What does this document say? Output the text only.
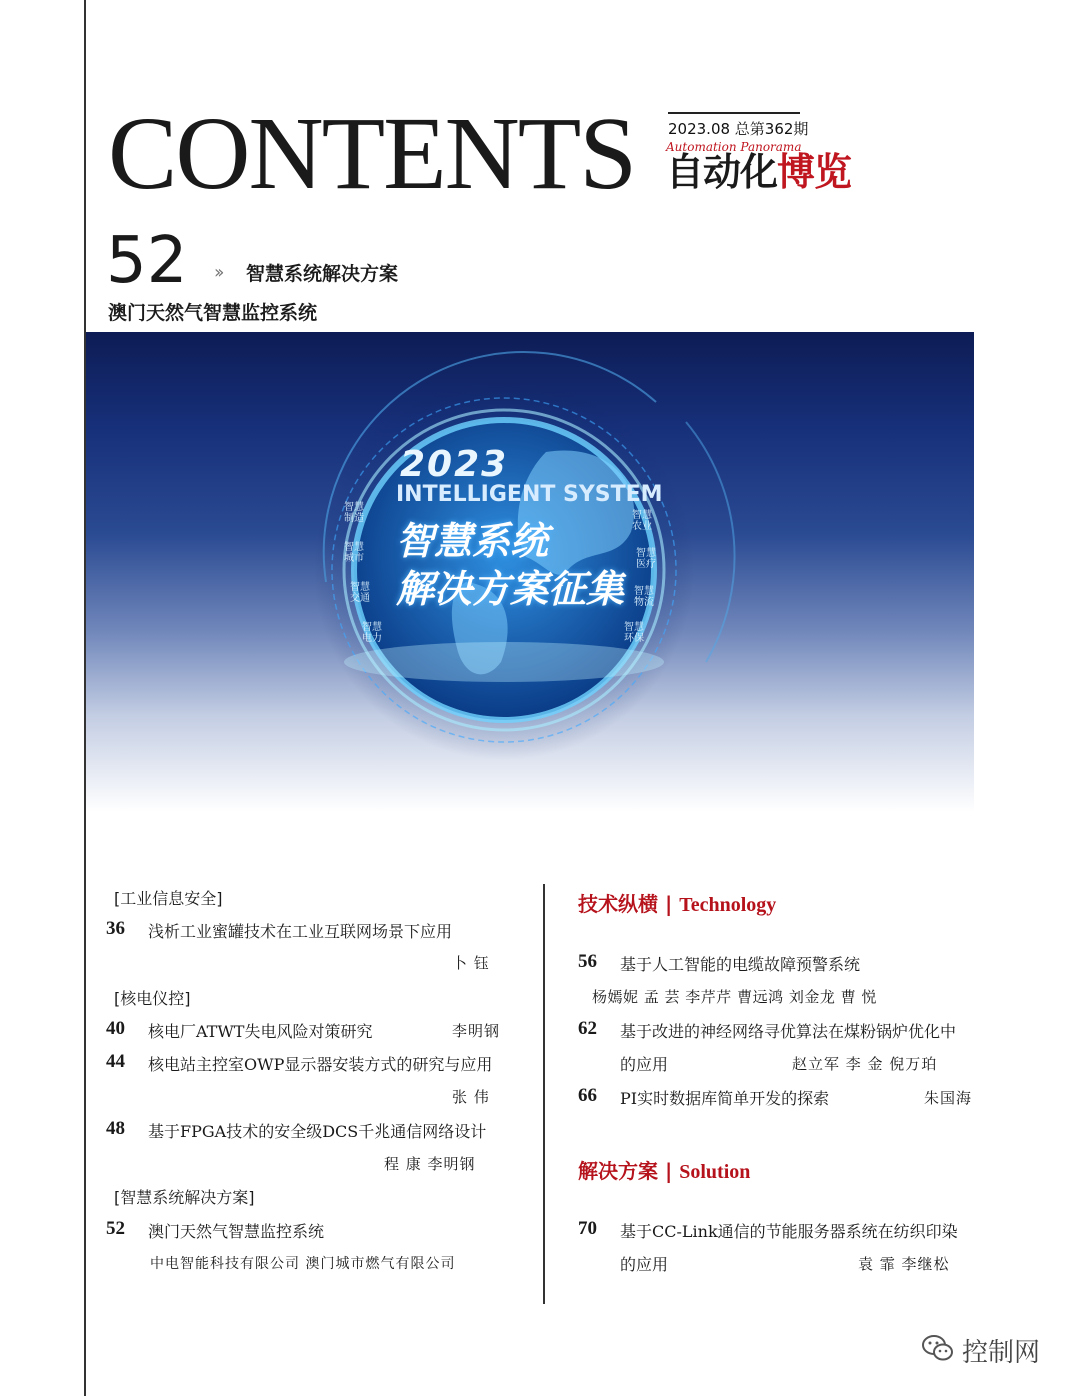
CONTENTS 2023.08 总第362期
Automation Panorama
自动化博览
52 ›› 智慧系统解决方案
澳门天然气智慧监控系统
2023
INTELLIGENT SYSTEM
智慧系统
解决方案征集
智慧制造
智慧城市
智慧交通
智慧电力
智慧农业
智慧医疗
智慧物流
智慧环保
[工业信息安全]
36 浅析工业蜜罐技术在工业互联网场景下应用
卜 钰
[核电仪控]
40 核电厂ATWT失电风险对策研究	李明钢
44 核电站主控室OWP显示器安装方式的研究与应用
张 伟
48 基于FPGA技术的安全级DCS千兆通信网络设计
程 康 李明钢
[智慧系统解决方案]
52 澳门天然气智慧监控系统
中电智能科技有限公司 澳门城市燃气有限公司
技术纵横 | Technology
56 基于人工智能的电缆故障预警系统
杨嫣妮 孟 芸 李芹芹 曹远鸿 刘金龙 曹 悦
62 基于改进的神经网络寻优算法在煤粉锅炉优化中
的应用	赵立军 李 金 倪万珀
66 PI实时数据库简单开发的探索	朱国海
解决方案 | Solution
70 基于CC-Link通信的节能服务器系统在纺织印染
的应用	袁 霏 李继松
控制网
